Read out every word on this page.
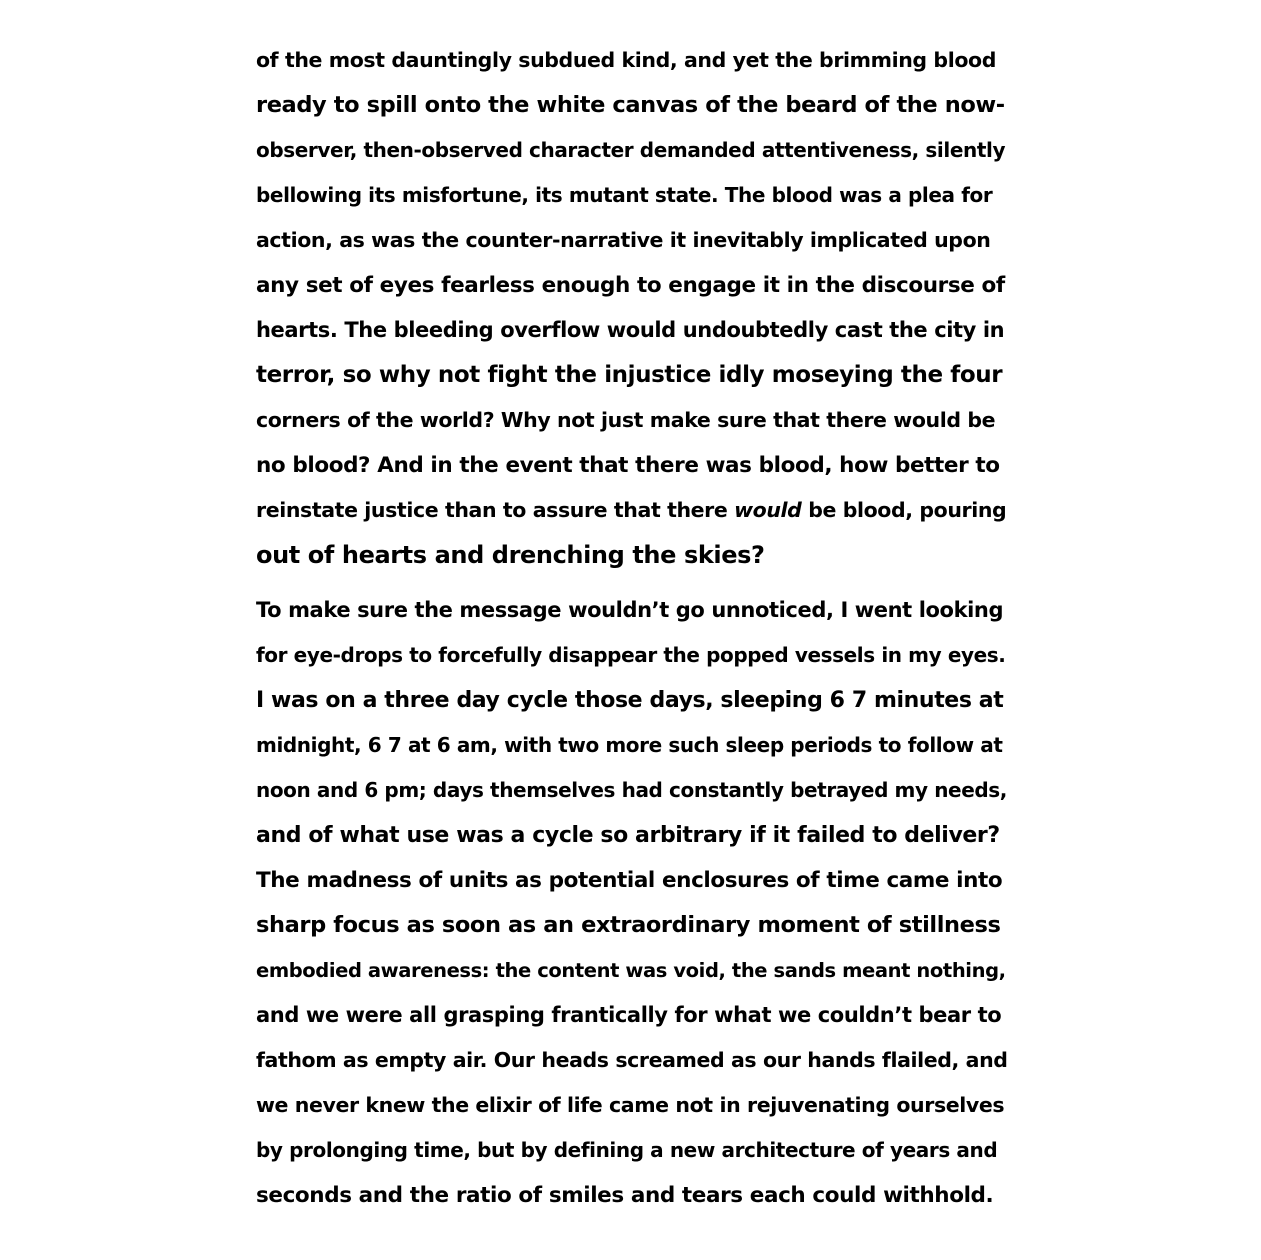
of the most dauntingly subdued kind, and yet the brimming blood
ready to spill onto the white canvas of the beard of the now-
observer, then-observed character demanded attentiveness, silently
bellowing its misfortune, its mutant state. The blood was a plea for
action, as was the counter-narrative it inevitably implicated upon
any set of eyes fearless enough to engage it in the discourse of
hearts. The bleeding overflow would undoubtedly cast the city in
terror, so why not fight the injustice idly moseying the four
corners of the world? Why not just make sure that there would be
no blood? And in the event that there was blood, how better to
reinstate justice than to assure that there would be blood, pouring
out of hearts and drenching the skies?
To make sure the message wouldn’t go unnoticed, I went looking
for eye-drops to forcefully disappear the popped vessels in my eyes.
I was on a three day cycle those days, sleeping 6 7 minutes at
midnight, 6 7 at 6 am, with two more such sleep periods to follow at
noon and 6 pm; days themselves had constantly betrayed my needs,
and of what use was a cycle so arbitrary if it failed to deliver?
The madness of units as potential enclosures of time came into
sharp focus as soon as an extraordinary moment of stillness
embodied awareness: the content was void, the sands meant nothing,
and we were all grasping frantically for what we couldn’t bear to
fathom as empty air. Our heads screamed as our hands flailed, and
we never knew the elixir of life came not in rejuvenating ourselves
by prolonging time, but by defining a new architecture of years and
seconds and the ratio of smiles and tears each could withhold.
